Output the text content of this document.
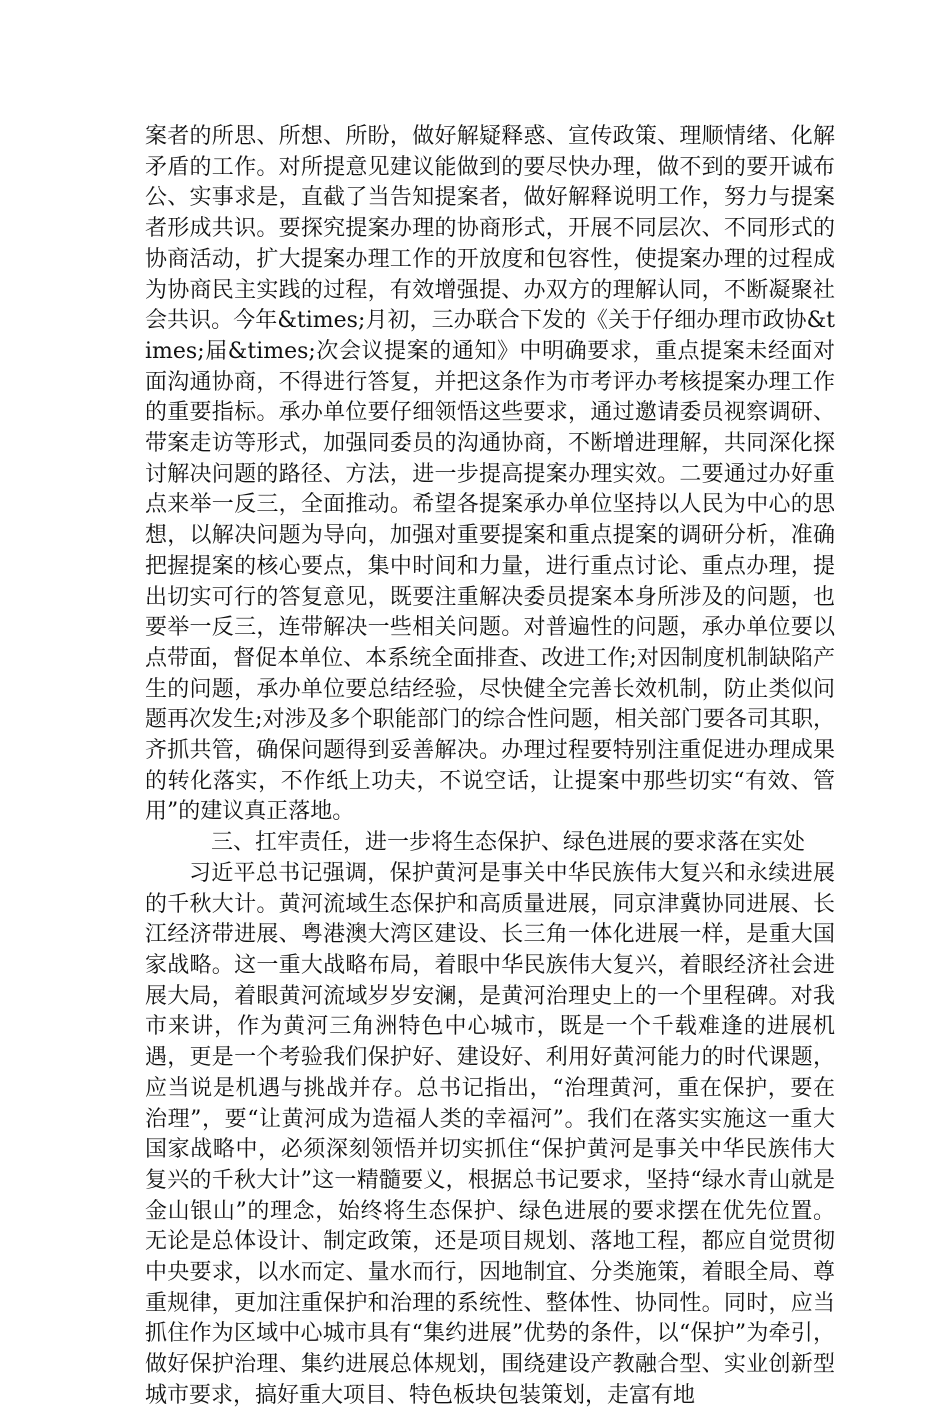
案者的所思、所想、所盼，做好解疑释惑、宣传政策、理顺情绪、化解矛盾的工作。对所提意见建议能做到的要尽快办理，做不到的要开诚布公、实事求是，直截了当告知提案者，做好解释说明工作，努力与提案者形成共识。要探究提案办理的协商形式，开展不同层次、不同形式的协商活动，扩大提案办理工作的开放度和包容性，使提案办理的过程成为协商民主实践的过程，有效增强提、办双方的理解认同，不断凝聚社会共识。今年&times;月初，三办联合下发的《关于仔细办理市政协&times;届&times;次会议提案的通知》中明确要求，重点提案未经面对面沟通协商，不得进行答复，并把这条作为市考评办考核提案办理工作的重要指标。承办单位要仔细领悟这些要求，通过邀请委员视察调研、带案走访等形式，加强同委员的沟通协商，不断增进理解，共同深化探讨解决问题的路径、方法，进一步提高提案办理实效。二要通过办好重点来举一反三，全面推动。希望各提案承办单位坚持以人民为中心的思想，以解决问题为导向，加强对重要提案和重点提案的调研分析，准确把握提案的核心要点，集中时间和力量，进行重点讨论、重点办理，提出切实可行的答复意见，既要注重解决委员提案本身所涉及的问题，也要举一反三，连带解决一些相关问题。对普遍性的问题，承办单位要以点带面，督促本单位、本系统全面排查、改进工作;对因制度机制缺陷产生的问题，承办单位要总结经验，尽快健全完善长效机制，防止类似问题再次发生;对涉及多个职能部门的综合性问题，相关部门要各司其职，齐抓共管，确保问题得到妥善解决。办理过程要特别注重促进办理成果的转化落实，不作纸上功夫，不说空话，让提案中那些切实“有效、管用”的建议真正落地。

三、扛牢责任，进一步将生态保护、绿色进展的要求落在实处

习近平总书记强调，保护黄河是事关中华民族伟大复兴和永续进展的千秋大计。黄河流域生态保护和高质量进展，同京津冀协同进展、长江经济带进展、粤港澳大湾区建设、长三角一体化进展一样，是重大国家战略。这一重大战略布局，着眼中华民族伟大复兴，着眼经济社会进展大局，着眼黄河流域岁岁安澜，是黄河治理史上的一个里程碑。对我市来讲，作为黄河三角洲特色中心城市，既是一个千载难逢的进展机遇，更是一个考验我们保护好、建设好、利用好黄河能力的时代课题，应当说是机遇与挑战并存。总书记指出，“治理黄河，重在保护，要在治理”，要“让黄河成为造福人类的幸福河”。我们在落实实施这一重大国家战略中，必须深刻领悟并切实抓住“保护黄河是事关中华民族伟大复兴的千秋大计”这一精髓要义，根据总书记要求，坚持“绿水青山就是金山银山”的理念，始终将生态保护、绿色进展的要求摆在优先位置。无论是总体设计、制定政策，还是项目规划、落地工程，都应自觉贯彻中央要求，以水而定、量水而行，因地制宜、分类施策，着眼全局、尊重规律，更加注重保护和治理的系统性、整体性、协同性。同时，应当抓住作为区域中心城市具有“集约进展”优势的条件，以“保护”为牵引，做好保护治理、集约进展总体规划，围绕建设产教融合型、实业创新型城市要求，搞好重大项目、特色板块包装策划，走富有地
